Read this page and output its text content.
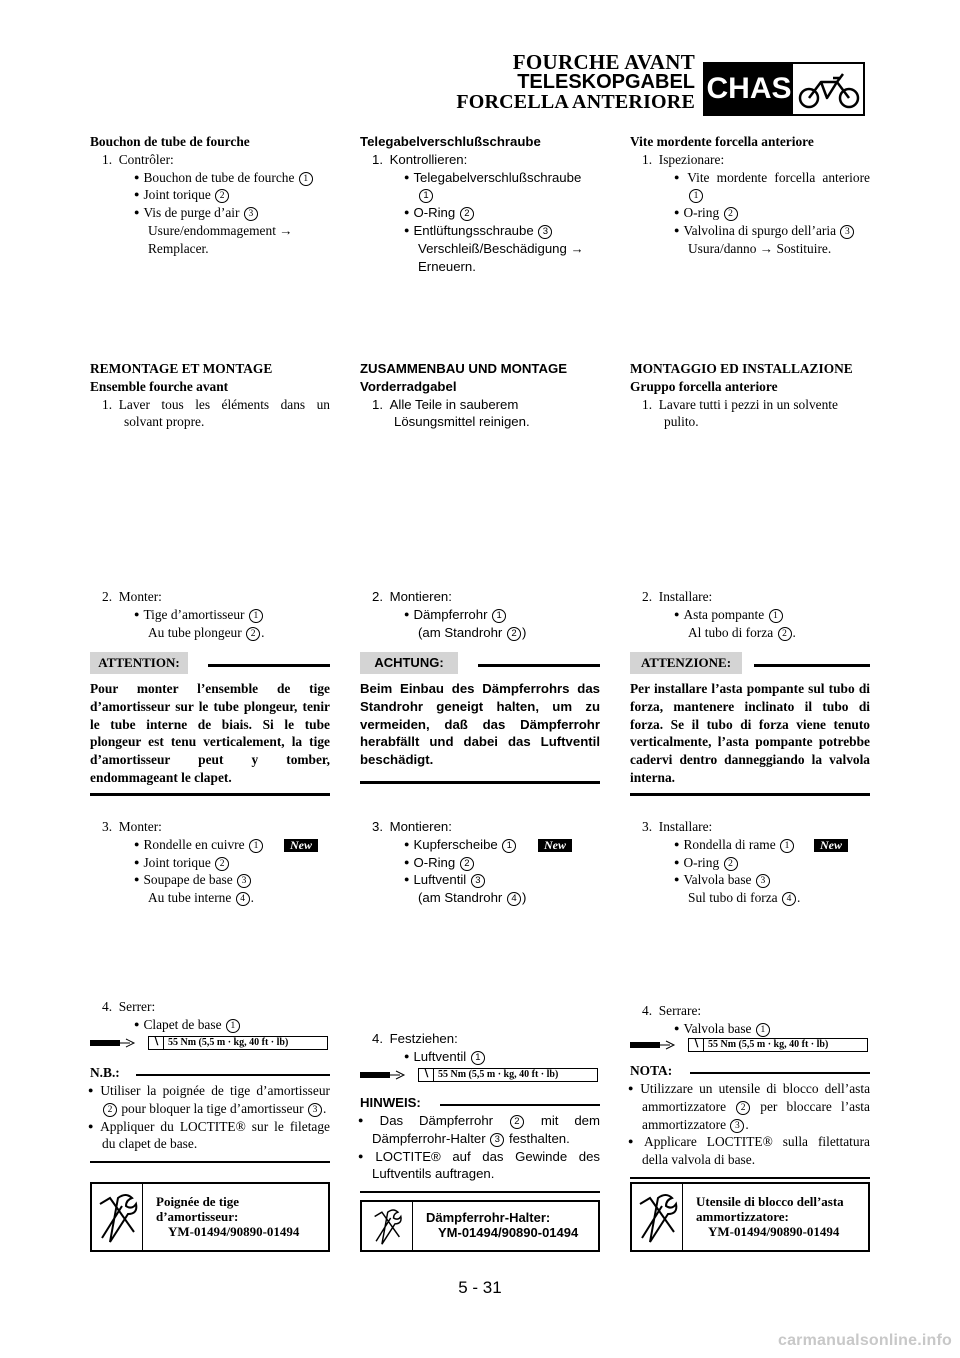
FOURCHE AVANT
TELESKOPGABEL
FORCELLA ANTERIORE CHAS
Bouchon de tube de fourche
1. Contrôler:
● Bouchon de tube de fourche 1
● Joint torique 2
● Vis de purge d’air 3
Usure/endommagement →
Remplacer.
REMONTAGE ET MONTAGE
Ensemble fourche avant
1. Laver tous les éléments dans un solvant propre.
2. Monter:
● Tige d’amortisseur 1
Au tube plongeur 2 .
ATTENTION:
Pour monter l’ensemble de tige d’amortisseur sur le tube plongeur, tenir le tube interne de biais. Si le tube plongeur est tenu verticalement, la tige d’amortisseur peut y tomber, endommageant le clapet.
3. Monter:
● Rondelle en cuivre 1
● Joint torique 2
● Soupape de base 3
Au tube interne 4 .
New
4. Serrer:
● Clapet de base 1
∖ 55 Nm (5,5 m · kg, 40 ft · lb)
N.B.:
● Utiliser la poignée de tige d’amortisseur 2 pour bloquer la tige d’amortisseur 3 .
● Appliquer du LOCTITE® sur le filetage du clapet de base.
Poignée de tige d’amortisseur:
YM-01494/90890-01494
Telegabelverschlußschraube
1. Kontrollieren:
● Telegabelverschlußschraube 1
● O-Ring 2
● Entlüftungsschraube 3
Verschleiß/Beschädigung →
Erneuern.
ZUSAMMENBAU UND MONTAGE
Vorderradgabel
1. Alle Teile in sauberem Lösungsmittel reinigen.
2. Montieren:
● Dämpferrohr 1
(am Standrohr 2 )
ACHTUNG:
Beim Einbau des Dämpferrohrs das Standrohr geneigt halten, um zu vermeiden, daß das Dämpferrohr herabfällt und dabei das Luftventil beschädigt.
3. Montieren:
● Kupferscheibe 1
● O-Ring 2
● Luftventil 3
(am Standrohr 4 )
New
4. Festziehen:
● Luftventil 1
∖ 55 Nm (5,5 m · kg, 40 ft · lb)
HINWEIS:
● Das Dämpferrohr 2 mit dem Dämpferrohr-Halter 3 festhalten.
● LOCTITE® auf das Gewinde des Luftventils auftragen.
Dämpferrohr-Halter:
YM-01494/90890-01494
Vite mordente forcella anteriore
1. Ispezionare:
● Vite mordente forcella anteriore 1
● O-ring 2
● Valvolina di spurgo dell’aria 3
Usura/danno → Sostituire.
MONTAGGIO ED INSTALLAZIONE
Gruppo forcella anteriore
1. Lavare tutti i pezzi in un solvente pulito.
2. Installare:
● Asta pompante 1
Al tubo di forza 2 .
ATTENZIONE:
Per installare l’asta pompante sul tubo di forza, mantenere inclinato il tubo di forza. Se il tubo di forza viene tenuto verticalmente, l’asta pompante potrebbe cadervi dentro danneggiando la valvola interna.
3. Installare:
● Rondella di rame 1
● O-ring 2
● Valvola base 3
Sul tubo di forza 4 .
New
4. Serrare:
● Valvola base 1
∖ 55 Nm (5,5 m · kg, 40 ft · lb)
NOTA:
● Utilizzare un utensile di blocco dell’asta ammortizzatore 2 per bloccare l’asta ammortizzatore 3 .
● Applicare LOCTITE® sulla filettatura della valvola di base.
Utensile di blocco dell’asta ammortizzatore:
YM-01494/90890-01494
5 - 31
carmanualsonline.info
